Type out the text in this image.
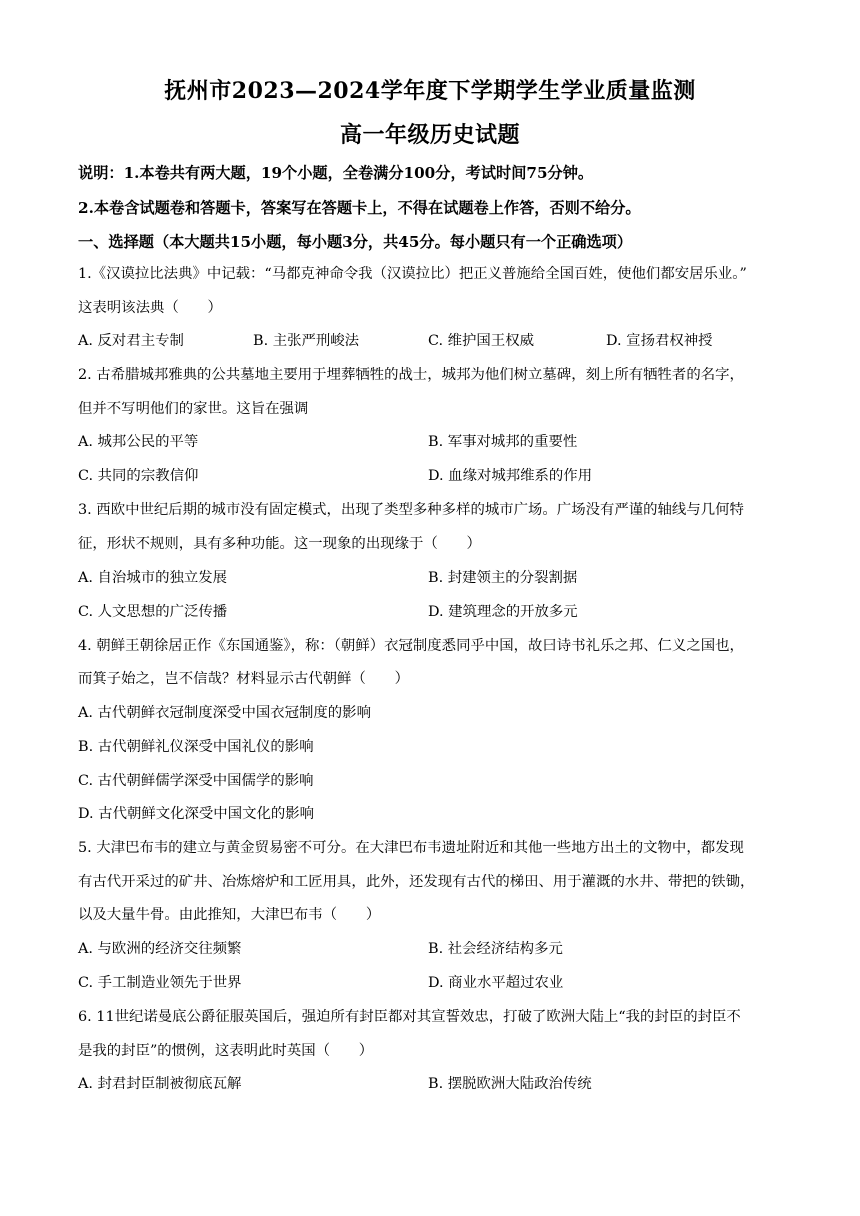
抚州市2023—2024学年度下学期学生学业质量监测
高一年级历史试题
说明：1.本卷共有两大题，19个小题，全卷满分100分，考试时间75分钟。
2.本卷含试题卷和答题卡，答案写在答题卡上，不得在试题卷上作答，否则不给分。
一、选择题（本大题共15小题，每小题3分，共45分。每小题只有一个正确选项）
1.《汉谟拉比法典》中记载：“马都克神命令我（汉谟拉比）把正义普施给全国百姓，使他们都安居乐业。”
这表明该法典（　　）
A. 反对君主专制	B. 主张严刑峻法	C. 维护国王权威	D. 宣扬君权神授
2. 古希腊城邦雅典的公共墓地主要用于埋葬牺牲的战士，城邦为他们树立墓碑，刻上所有牺牲者的名字，
但并不写明他们的家世。这旨在强调
A. 城邦公民的平等	B. 军事对城邦的重要性
C. 共同的宗教信仰	D. 血缘对城邦维系的作用
3. 西欧中世纪后期的城市没有固定模式，出现了类型多种多样的城市广场。广场没有严谨的轴线与几何特
征，形状不规则，具有多种功能。这一现象的出现缘于（　　）
A. 自治城市的独立发展	B. 封建领主的分裂割据
C. 人文思想的广泛传播	D. 建筑理念的开放多元
4. 朝鲜王朝徐居正作《东国通鉴》，称：（朝鲜）衣冠制度悉同乎中国，故曰诗书礼乐之邦、仁义之国也，
而箕子始之，岂不信哉？材料显示古代朝鲜（　　）
A. 古代朝鲜衣冠制度深受中国衣冠制度的影响
B. 古代朝鲜礼仪深受中国礼仪的影响
C. 古代朝鲜儒学深受中国儒学的影响
D. 古代朝鲜文化深受中国文化的影响
5. 大津巴布韦的建立与黄金贸易密不可分。在大津巴布韦遗址附近和其他一些地方出土的文物中，都发现
有古代开采过的矿井、冶炼熔炉和工匠用具，此外，还发现有古代的梯田、用于灌溉的水井、带把的铁锄，
以及大量牛骨。由此推知，大津巴布韦（　　）
A. 与欧洲的经济交往频繁	B. 社会经济结构多元
C. 手工制造业领先于世界	D. 商业水平超过农业
6. 11世纪诺曼底公爵征服英国后，强迫所有封臣都对其宣誓效忠，打破了欧洲大陆上“我的封臣的封臣不
是我的封臣”的惯例，这表明此时英国（　　）
A. 封君封臣制被彻底瓦解	B. 摆脱欧洲大陆政治传统
